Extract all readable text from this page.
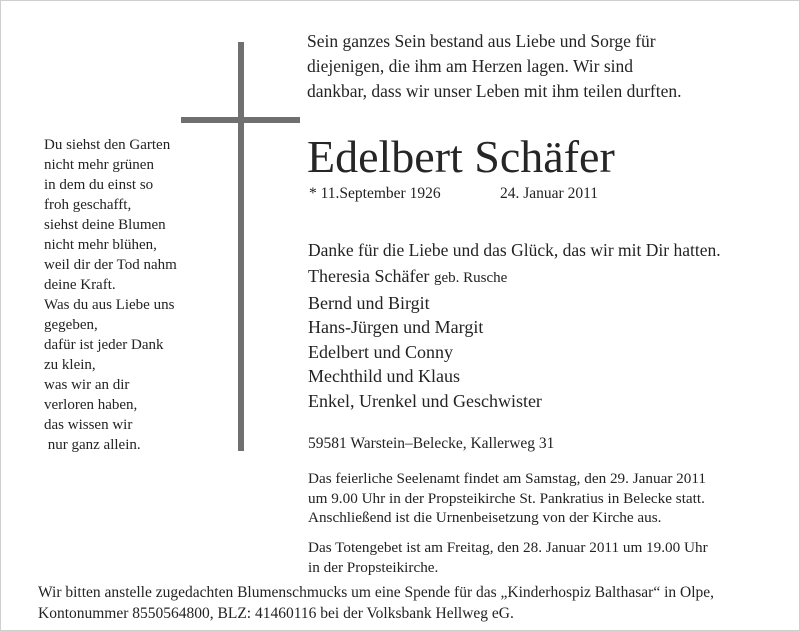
Sein ganzes Sein bestand aus Liebe und Sorge für
diejenigen, die ihm am Herzen lagen. Wir sind
dankbar, dass wir unser Leben mit ihm teilen durften.
Du siehst den Garten
nicht mehr grünen
in dem du einst so
froh geschafft,
siehst deine Blumen
nicht mehr blühen,
weil dir der Tod nahm
deine Kraft.
Was du aus Liebe uns
gegeben,
dafür ist jeder Dank
zu klein,
was wir an dir
verloren haben,
das wissen wir
nur ganz allein.
Edelbert Schäfer
* 11.September 1926	24. Januar 2011
Danke für die Liebe und das Glück, das wir mit Dir hatten.
Theresia Schäfer geb. Rusche
Bernd und Birgit
Hans-Jürgen und Margit
Edelbert und Conny
Mechthild und Klaus
Enkel, Urenkel und Geschwister
59581 Warstein–Belecke, Kallerweg 31
Das feierliche Seelenamt findet am Samstag, den 29. Januar 2011
um 9.00 Uhr in der Propsteikirche St. Pankratius in Belecke statt.
Anschließend ist die Urnenbeisetzung von der Kirche aus.
Das Totengebet ist am Freitag, den 28. Januar 2011 um 19.00 Uhr
in der Propsteikirche.
Wir bitten anstelle zugedachten Blumenschmucks um eine Spende für das „Kinderhospiz Balthasar“ in Olpe,
Kontonummer 8550564800, BLZ: 41460116 bei der Volksbank Hellweg eG.
